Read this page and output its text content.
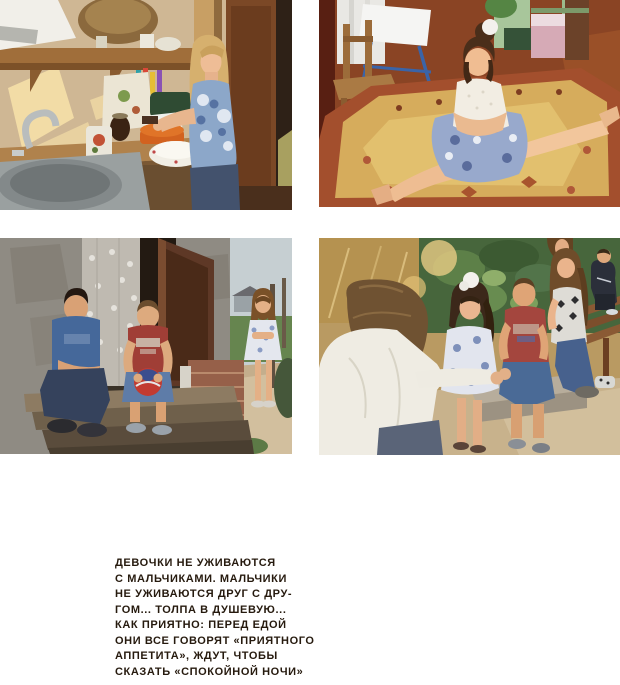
ДЕВОЧКИ НЕ УЖИВАЮТСЯ
С МАЛЬЧИКАМИ. МАЛЬЧИКИ
НЕ УЖИВАЮТСЯ ДРУГ С ДРУ-
ГОМ... ТОЛПА В ДУШЕВУЮ...
КАК ПРИЯТНО: ПЕРЕД ЕДОЙ
ОНИ ВСЕ ГОВОРЯТ «ПРИЯТНОГО
АППЕТИТА», ЖДУТ, ЧТОБЫ
СКАЗАТЬ «СПОКОЙНОЙ НОЧИ»
